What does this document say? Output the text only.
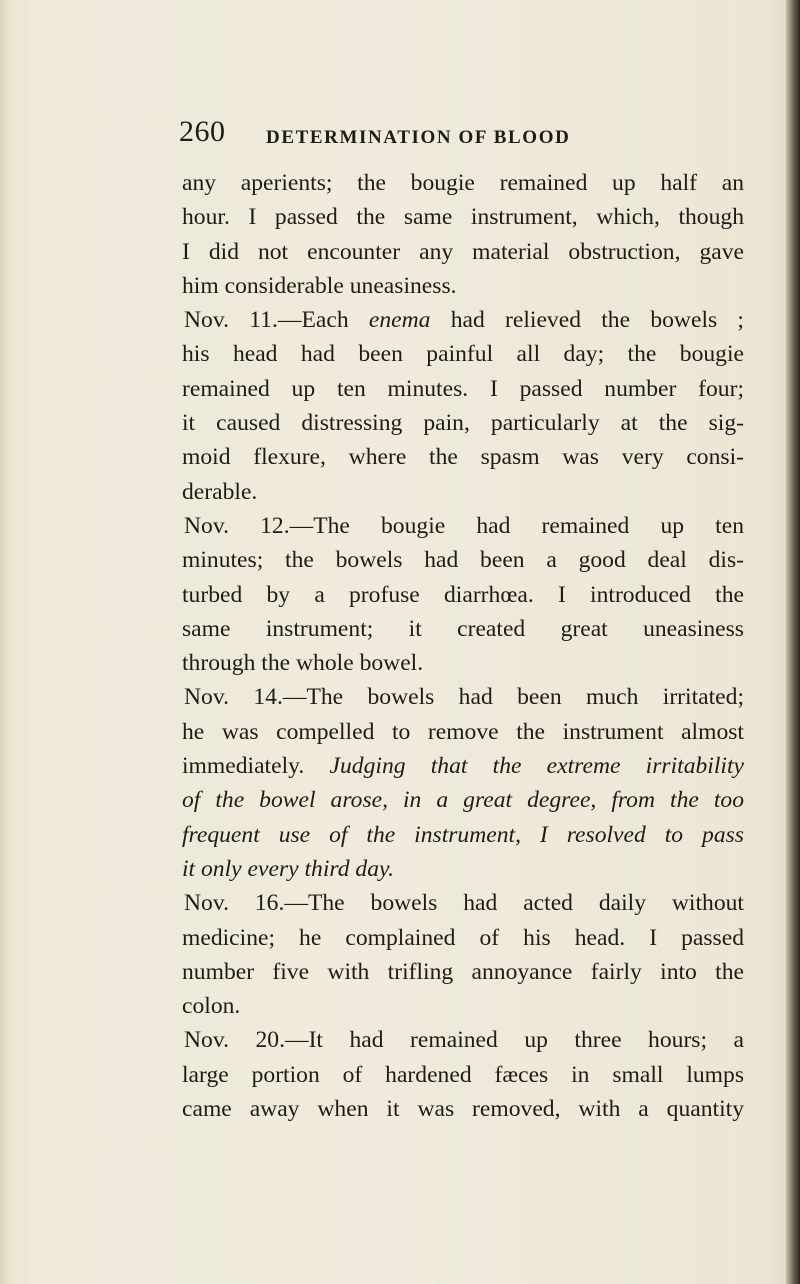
260 DETERMINATION OF BLOOD
any aperients; the bougie remained up half an
hour. I passed the same instrument, which, though
I did not encounter any material obstruction, gave
him considerable uneasiness.
Nov. 11.—Each enema had relieved the bowels ;
his head had been painful all day; the bougie
remained up ten minutes. I passed number four;
it caused distressing pain, particularly at the sig-
moid flexure, where the spasm was very consi-
derable.
Nov. 12.—The bougie had remained up ten
minutes; the bowels had been a good deal dis-
turbed by a profuse diarrhœa. I introduced the
same instrument; it created great uneasiness
through the whole bowel.
Nov. 14.—The bowels had been much irritated;
he was compelled to remove the instrument almost
immediately. Judging that the extreme irritability
of the bowel arose, in a great degree, from the too
frequent use of the instrument, I resolved to pass
it only every third day.
Nov. 16.—The bowels had acted daily without
medicine; he complained of his head. I passed
number five with trifling annoyance fairly into the
colon.
Nov. 20.—It had remained up three hours; a
large portion of hardened fæces in small lumps
came away when it was removed, with a quantity
